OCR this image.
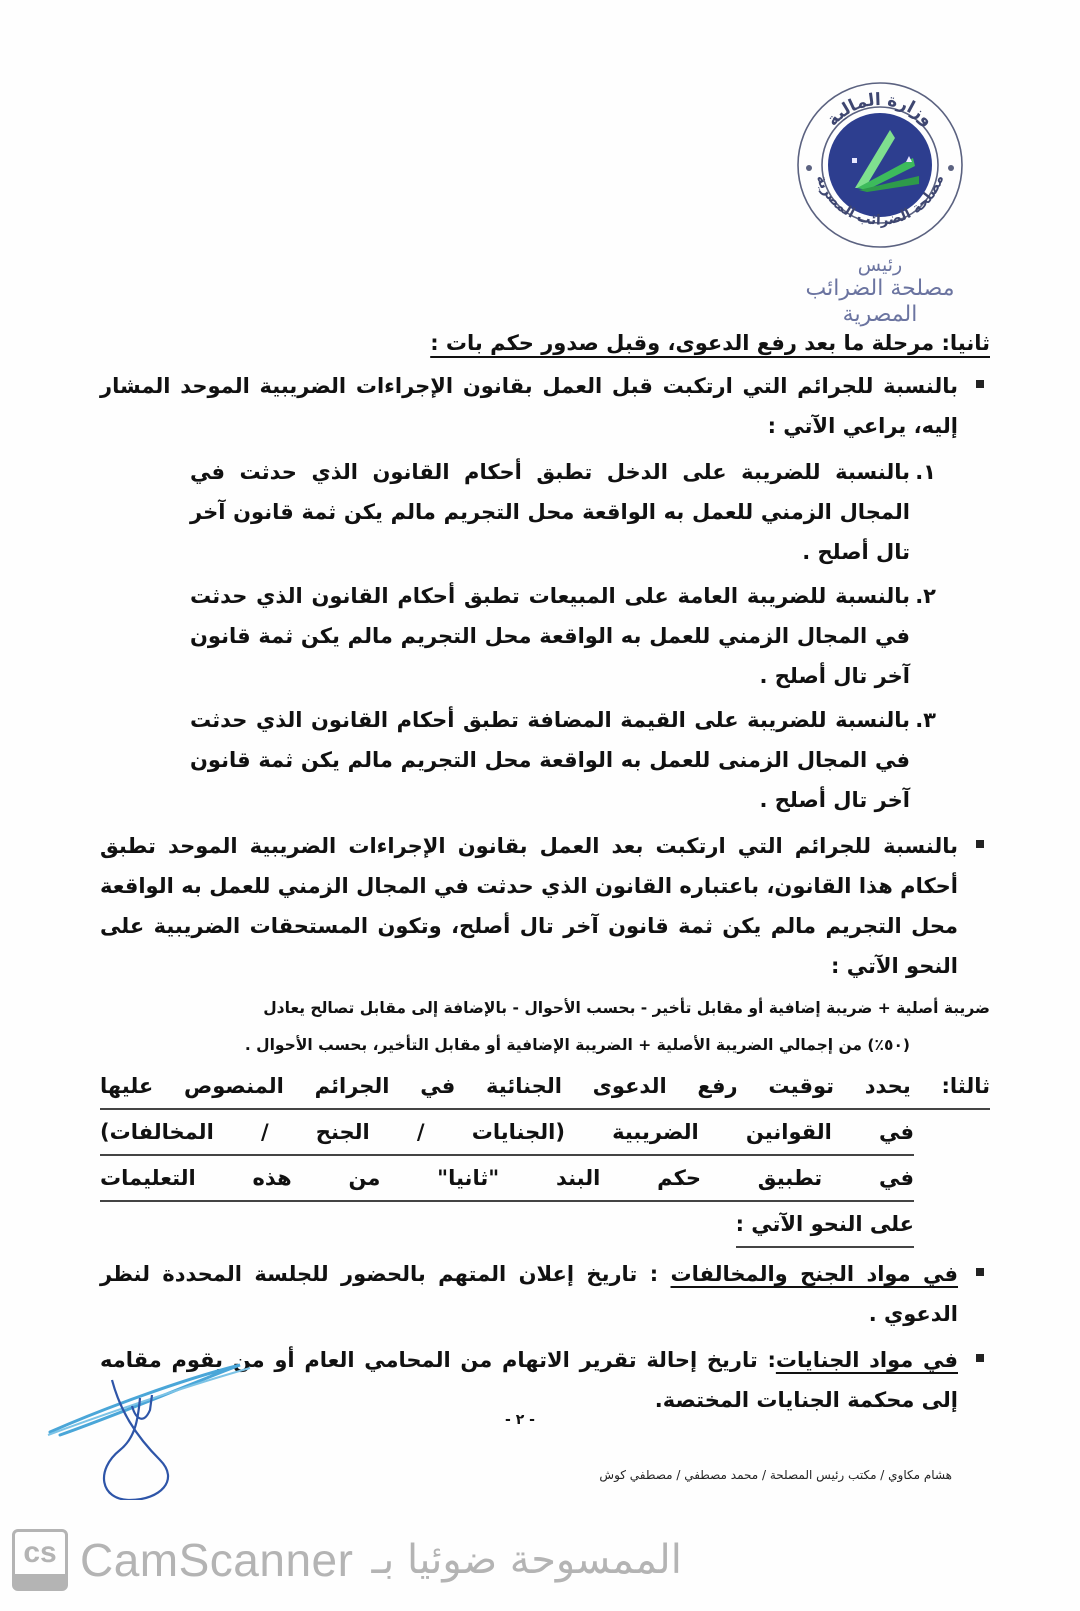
وزارة المالية
مصلحة الضرائب المصرية
رئيس
مصلحة الضرائب المصرية
ثانيا: مرحلة ما بعد رفع الدعوى، وقبل صدور حكم بات :
بالنسبة للجرائم التي ارتكبت قبل العمل بقانون الإجراءات الضريبية الموحد المشار إليه، يراعي الآتي :
١.
بالنسبة للضريبة على الدخل تطبق أحكام القانون الذي حدثت في المجال الزمني للعمل به الواقعة محل التجريم مالم يكن ثمة قانون آخر تال أصلح .
٢.
بالنسبة للضريبة العامة على المبيعات تطبق أحكام القانون الذي حدثت في المجال الزمني للعمل به الواقعة محل التجريم مالم يكن ثمة قانون آخر تال أصلح .
٣.
بالنسبة للضريبة على القيمة المضافة تطبق أحكام القانون الذي حدثت في المجال الزمنى للعمل به الواقعة محل التجريم مالم يكن ثمة قانون آخر تال أصلح .
بالنسبة للجرائم التي ارتكبت بعد العمل بقانون الإجراءات الضريبية الموحد تطبق أحكام هذا القانون، باعتباره القانون الذي حدثت في المجال الزمني للعمل به الواقعة محل التجريم مالم يكن ثمة قانون آخر تال أصلح، وتكون المستحقات الضريبية على النحو الآتي :
ضريبة أصلية + ضريبة إضافية أو مقابل تأخير - بحسب الأحوال - بالإضافة إلى مقابل تصالح يعادل
(٥٠٪) من إجمالي الضريبة الأصلية + الضريبة الإضافية أو مقابل التأخير، بحسب الأحوال .
ثالثا: يحدد توقيت رفع الدعوى الجنائية في الجرائم المنصوص عليها
في القوانين الضريبية (الجنايات / الجنح / المخالفات)
في تطبيق حكم البند "ثانيا" من هذه التعليمات
على النحو الآتي :
في مواد الجنح والمخالفات : تاريخ إعلان المتهم بالحضور للجلسة المحددة لنظر الدعوي .
في مواد الجنايات: تاريخ إحالة تقرير الاتهام من المحامي العام أو من يقوم مقامه إلى محكمة الجنايات المختصة.
- ٢ -
هشام مكاوي / مكتب رئيس المصلحة / محمد مصطفي / مصطفي كوش
cs CamScanner الممسوحة ضوئيا بـ
